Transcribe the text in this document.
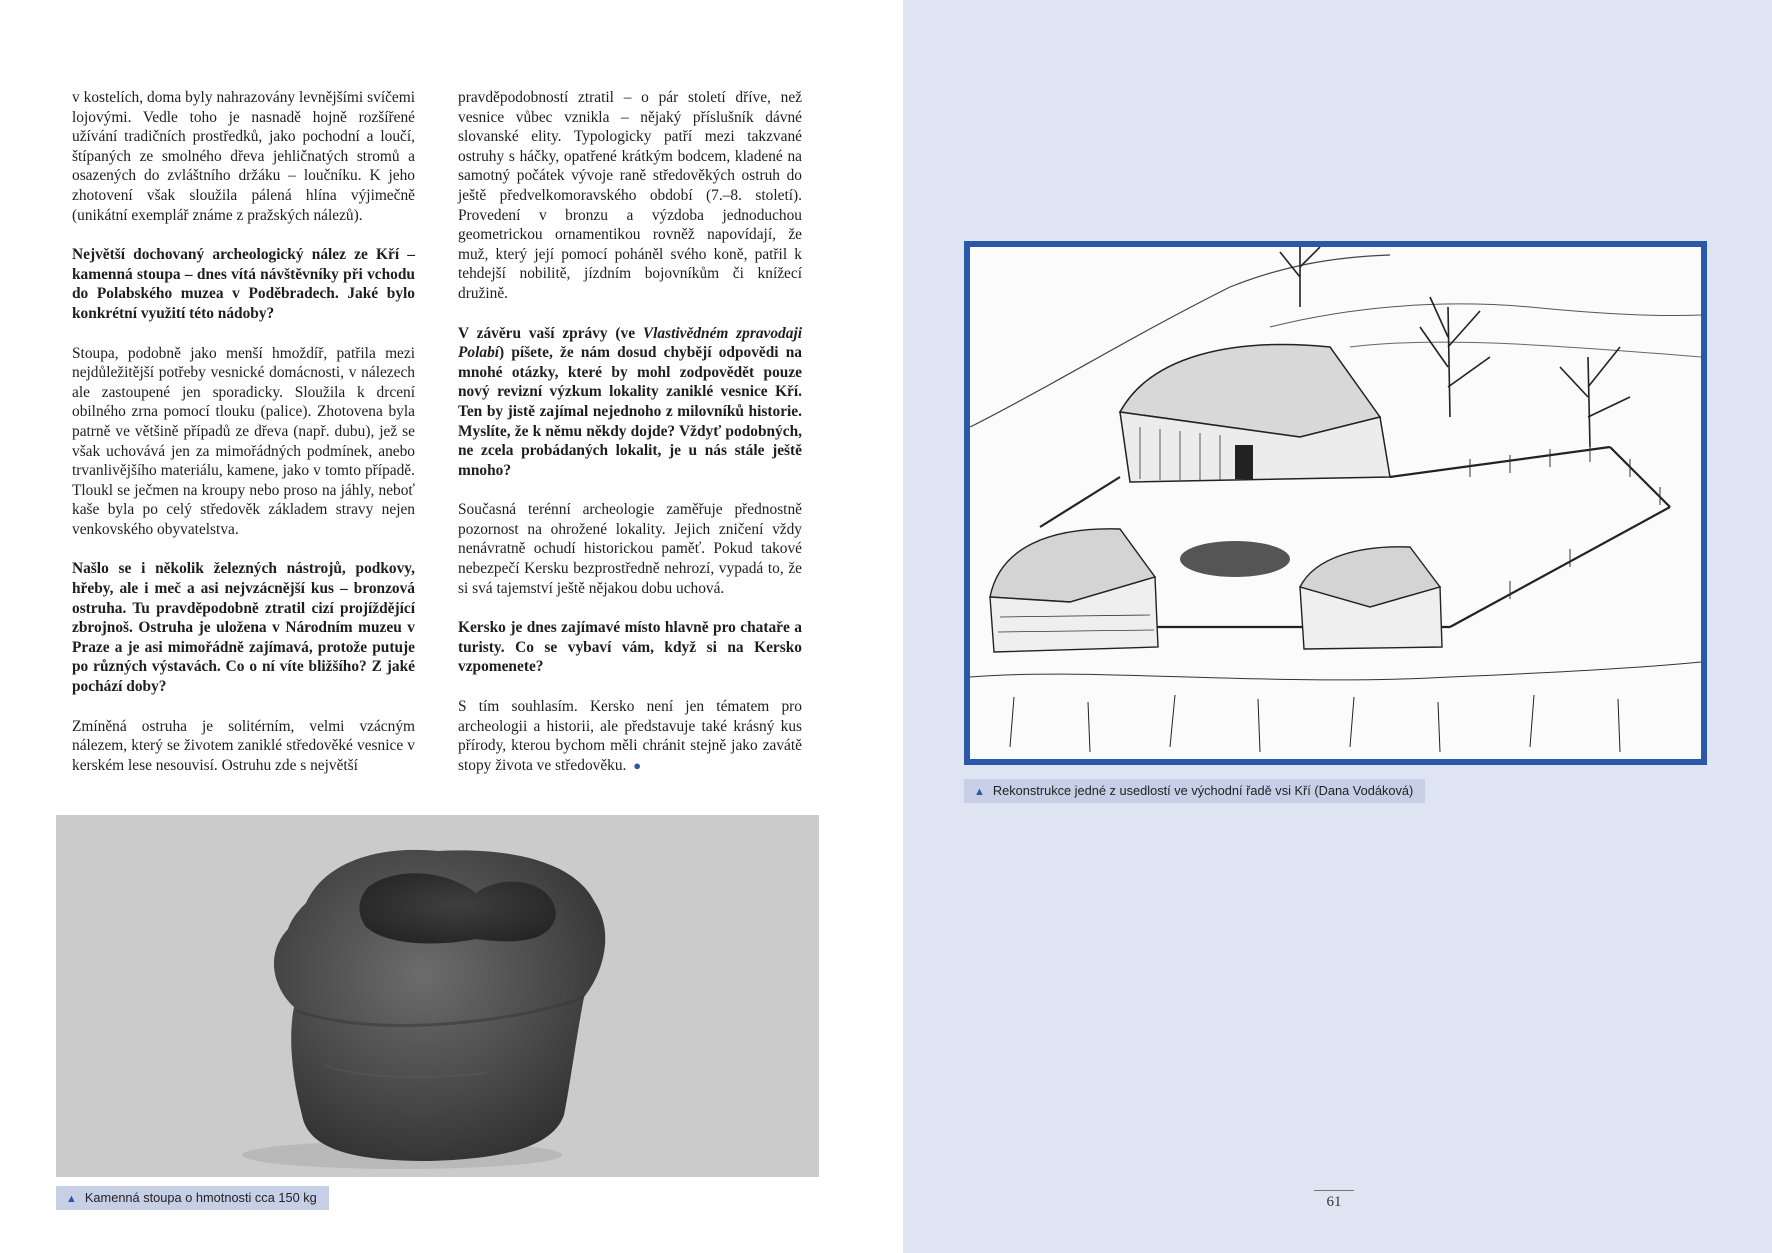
v kostelích, doma byly nahrazovány levnějšími svíčemi lojovými. Vedle toho je nasnadě hojně rozšířené užívání tradičních prostředků, jako pochodní a loučí, štípaných ze smolného dřeva jehličnatých stromů a osazených do zvláštního držáku – loučníku. K jeho zhotovení však sloužila pálená hlína výjimečně (unikátní exemplář známe z pražských nálezů).

Největší dochovaný archeologický nález ze Kří – kamenná stoupa – dnes vítá návštěvníky při vchodu do Polabského muzea v Poděbradech. Jaké bylo konkrétní využití této nádoby?

Stoupa, podobně jako menší hmoždíř, patřila mezi nejdůležitější potřeby vesnické domácnosti, v nálezech ale zastoupené jen sporadicky. Sloužila k drcení obilného zrna pomocí tlouku (palice). Zhotovena byla patrně ve většině případů ze dřeva (např. dubu), jež se však uchovává jen za mimořádných podmínek, anebo trvanlivějšího materiálu, kamene, jako v tomto případě. Tloukl se ječmen na kroupy nebo proso na jáhly, neboť kaše byla po celý středověk základem stravy nejen venkovského obyvatelstva.

Našlo se i několik železných nástrojů, podkovy, hřeby, ale i meč a asi nejvzácnější kus – bronzová ostruha. Tu pravděpodobně ztratil cizí projíždějící zbrojnoš. Ostruha je uložena v Národním muzeu v Praze a je asi mimořádně zajímavá, protože putuje po různých výstavách. Co o ní víte bližšího? Z jaké pochází doby?

Zmíněná ostruha je solitérním, velmi vzácným nálezem, který se životem zaniklé středověké vesnice v kerském lese nesouvisí. Ostruhu zde s největší

pravděpodobností ztratil – o pár století dříve, než vesnice vůbec vznikla – nějaký příslušník dávné slovanské elity. Typologicky patří mezi takzvané ostruhy s háčky, opatřené krátkým bodcem, kladené na samotný počátek vývoje raně středověkých ostruh do ještě předvelkomoravského období (7.–8. století). Provedení v bronzu a výzdoba jednoduchou geometrickou ornamentikou rovněž napovídají, že muž, který její pomocí poháněl svého koně, patřil k tehdejší nobilitě, jízdním bojovníkům či knížecí družině.

V závěru vaší zprávy (ve Vlastivědném zpravodaji Polabí) píšete, že nám dosud chybějí odpovědi na mnohé otázky, které by mohl zodpovědět pouze nový revizní výzkum lokality zaniklé vesnice Kří. Ten by jistě zajímal nejednoho z milovníků historie. Myslíte, že k němu někdy dojde? Vždyť podobných, ne zcela probádaných lokalit, je u nás stále ještě mnoho?

Současná terénní archeologie zaměřuje přednostně pozornost na ohrožené lokality. Jejich zničení vždy nenávratně ochudí historickou paměť. Pokud takové nebezpečí Kersku bezprostředně nehrozí, vypadá to, že si svá tajemství ještě nějakou dobu uchová.

Kersko je dnes zajímavé místo hlavně pro chataře a turisty. Co se vybaví vám, když si na Kersko vzpomenete?

S tím souhlasím. Kersko není jen tématem pro archeologii a historii, ale představuje také krásný kus přírody, kterou bychom měli chránit stejně jako zavátě stopy života ve středověku. ●

▲ Kamenná stoupa o hmotnosti cca 150 kg
▲ Rekonstrukce jedné z usedlostí ve východní řadě vsi Kří (Dana Vodáková)
61
